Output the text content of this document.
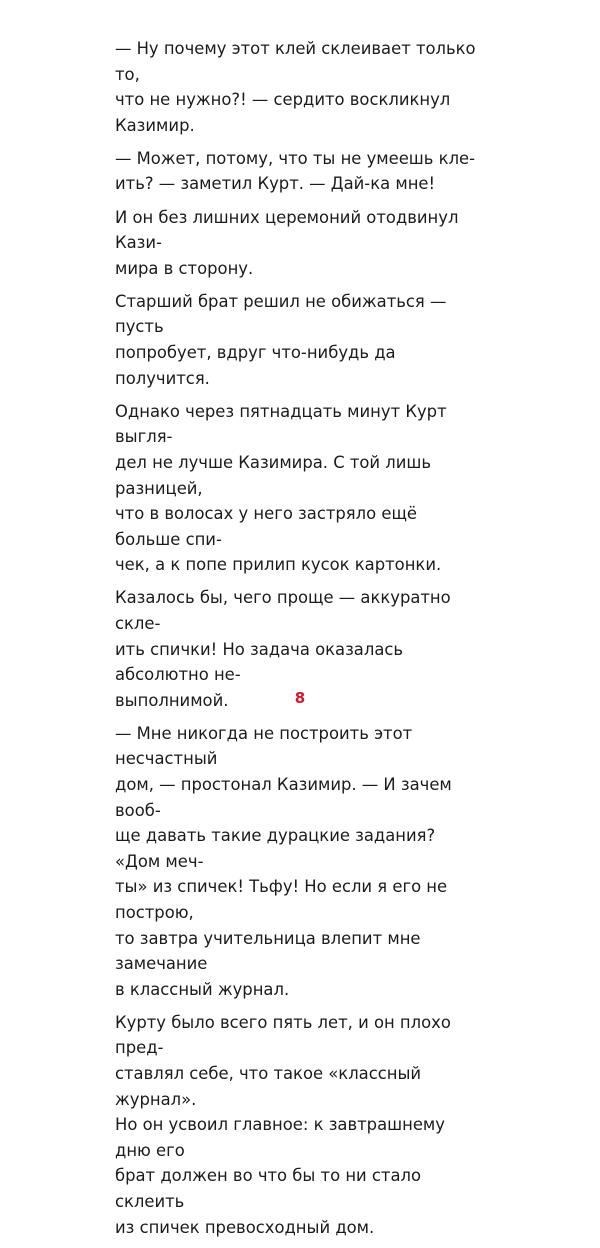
— Ну почему этот клей склеивает только то,
что не нужно?! — сердито воскликнул Казимир.

— Может, потому, что ты не умеешь кле-
ить? — заметил Курт. — Дай-ка мне!

И он без лишних церемоний отодвинул Кази-
мира в сторону.

Старший брат решил не обижаться — пусть
попробует, вдруг что-нибудь да получится.

Однако через пятнадцать минут Курт выгля-
дел не лучше Казимира. С той лишь разницей,
что в волосах у него застряло ещё больше спи-
чек, а к попе прилип кусок картонки.

Казалось бы, чего проще — аккуратно скле-
ить спички! Но задача оказалась абсолютно не-
выполнимой.

— Мне никогда не построить этот несчастный
дом, — простонал Казимир. — И зачем вооб-
ще давать такие дурацкие задания? «Дом меч-
ты» из спичек! Тьфу! Но если я его не построю,
то завтра учительница влепит мне замечание
в классный журнал.

Курту было всего пять лет, и он плохо пред-
ставлял себе, что такое «классный журнал».
Но он усвоил главное: к завтрашнему дню его
брат должен во что бы то ни стало склеить
из спичек превосходный дом.

8
